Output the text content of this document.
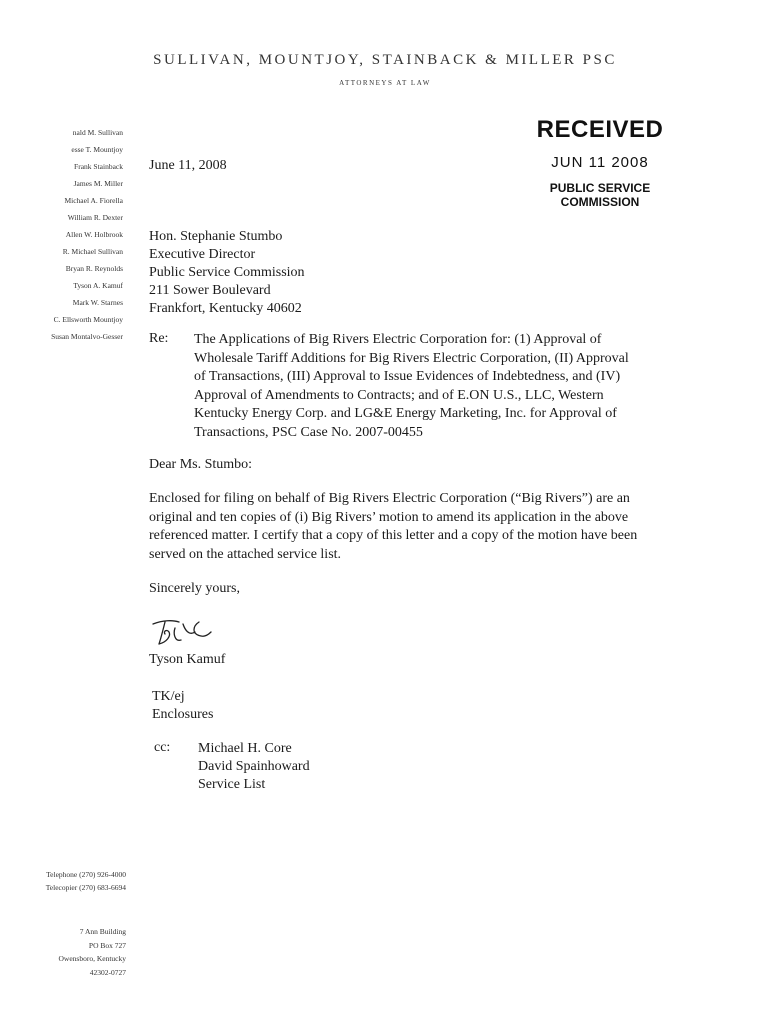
SULLIVAN, MOUNTJOY, STAINBACK & MILLER PSC
ATTORNEYS AT LAW
nald M. Sullivan
esse T. Mountjoy
Frank Stainback
James M. Miller
Michael A. Fiorella
William R. Dexter
Allen W. Holbrook
R. Michael Sullivan
Bryan R. Reynolds
Tyson A. Kamuf
Mark W. Starnes
C. Ellsworth Mountjoy
Susan Montalvo-Gesser
RECEIVED
JUN 11 2008
PUBLIC SERVICE
COMMISSION
June 11, 2008
Hon. Stephanie Stumbo
Executive Director
Public Service Commission
211 Sower Boulevard
Frankfort, Kentucky 40602
Re: The Applications of Big Rivers Electric Corporation for: (1) Approval of
Wholesale Tariff Additions for Big Rivers Electric Corporation, (II) Approval
of Transactions, (III) Approval to Issue Evidences of Indebtedness, and (IV)
Approval of Amendments to Contracts; and of E.ON U.S., LLC, Western
Kentucky Energy Corp. and LG&E Energy Marketing, Inc. for Approval of
Transactions, PSC Case No. 2007-00455
Dear Ms. Stumbo:
Enclosed for filing on behalf of Big Rivers Electric Corporation (“Big Rivers”) are an
original and ten copies of (i) Big Rivers’ motion to amend its application in the above
referenced matter. I certify that a copy of this letter and a copy of the motion have been
served on the attached service list.
Sincerely yours,
Tyson Kamuf
TK/ej
Enclosures
cc: Michael H. Core
David Spainhoward
Service List
Telephone (270) 926-4000
Telecopier (270) 683-6694
7 Ann Building
PO Box 727
Owensboro, Kentucky
42302-0727
